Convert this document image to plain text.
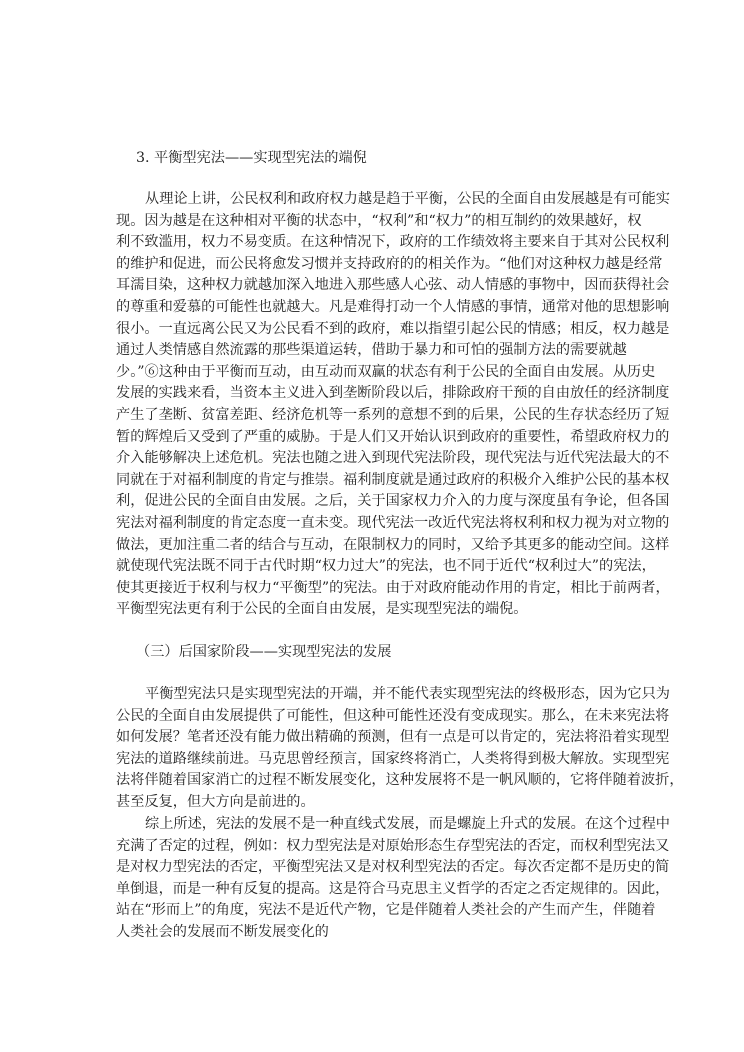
3. 平衡型宪法——实现型宪法的端倪
从理论上讲，公民权利和政府权力越是趋于平衡，公民的全面自由发展越是有可能实
现。因为越是在这种相对平衡的状态中，“权利”和“权力”的相互制约的效果越好，权
利不致滥用，权力不易变质。在这种情况下，政府的工作绩效将主要来自于其对公民权利
的维护和促进，而公民将愈发习惯并支持政府的的相关作为。“他们对这种权力越是经常
耳濡目染，这种权力就越加深入地进入那些感人心弦、动人情感的事物中，因而获得社会
的尊重和爱慕的可能性也就越大。凡是难得打动一个人情感的事情，通常对他的思想影响
很小。一直远离公民又为公民看不到的政府，难以指望引起公民的情感；相反，权力越是
通过人类情感自然流露的那些渠道运转，借助于暴力和可怕的强制方法的需要就越
少。”⑥这种由于平衡而互动，由互动而双赢的状态有利于公民的全面自由发展。从历史
发展的实践来看，当资本主义进入到垄断阶段以后，排除政府干预的自由放任的经济制度
产生了垄断、贫富差距、经济危机等一系列的意想不到的后果，公民的生存状态经历了短
暂的辉煌后又受到了严重的威胁。于是人们又开始认识到政府的重要性，希望政府权力的
介入能够解决上述危机。宪法也随之进入到现代宪法阶段，现代宪法与近代宪法最大的不
同就在于对福利制度的肯定与推崇。福利制度就是通过政府的积极介入维护公民的基本权
利，促进公民的全面自由发展。之后，关于国家权力介入的力度与深度虽有争论，但各国
宪法对福利制度的肯定态度一直未变。现代宪法一改近代宪法将权利和权力视为对立物的
做法，更加注重二者的结合与互动，在限制权力的同时，又给予其更多的能动空间。这样
就使现代宪法既不同于古代时期“权力过大”的宪法，也不同于近代“权利过大”的宪法，
使其更接近于权利与权力“平衡型”的宪法。由于对政府能动作用的肯定，相比于前两者，
平衡型宪法更有利于公民的全面自由发展，是实现型宪法的端倪。
（三）后国家阶段——实现型宪法的发展
平衡型宪法只是实现型宪法的开端，并不能代表实现型宪法的终极形态，因为它只为
公民的全面自由发展提供了可能性，但这种可能性还没有变成现实。那么，在未来宪法将
如何发展？笔者还没有能力做出精确的预测，但有一点是可以肯定的，宪法将沿着实现型
宪法的道路继续前进。马克思曾经预言，国家终将消亡，人类将得到极大解放。实现型宪
法将伴随着国家消亡的过程不断发展变化，这种发展将不是一帆风顺的，它将伴随着波折，
甚至反复，但大方向是前进的。
综上所述，宪法的发展不是一种直线式发展，而是螺旋上升式的发展。在这个过程中
充满了否定的过程，例如：权力型宪法是对原始形态生存型宪法的否定，而权利型宪法又
是对权力型宪法的否定，平衡型宪法又是对权利型宪法的否定。每次否定都不是历史的简
单倒退，而是一种有反复的提高。这是符合马克思主义哲学的否定之否定规律的。因此，
站在“形而上”的角度，宪法不是近代产物，它是伴随着人类社会的产生而产生，伴随着
人类社会的发展而不断发展变化的
